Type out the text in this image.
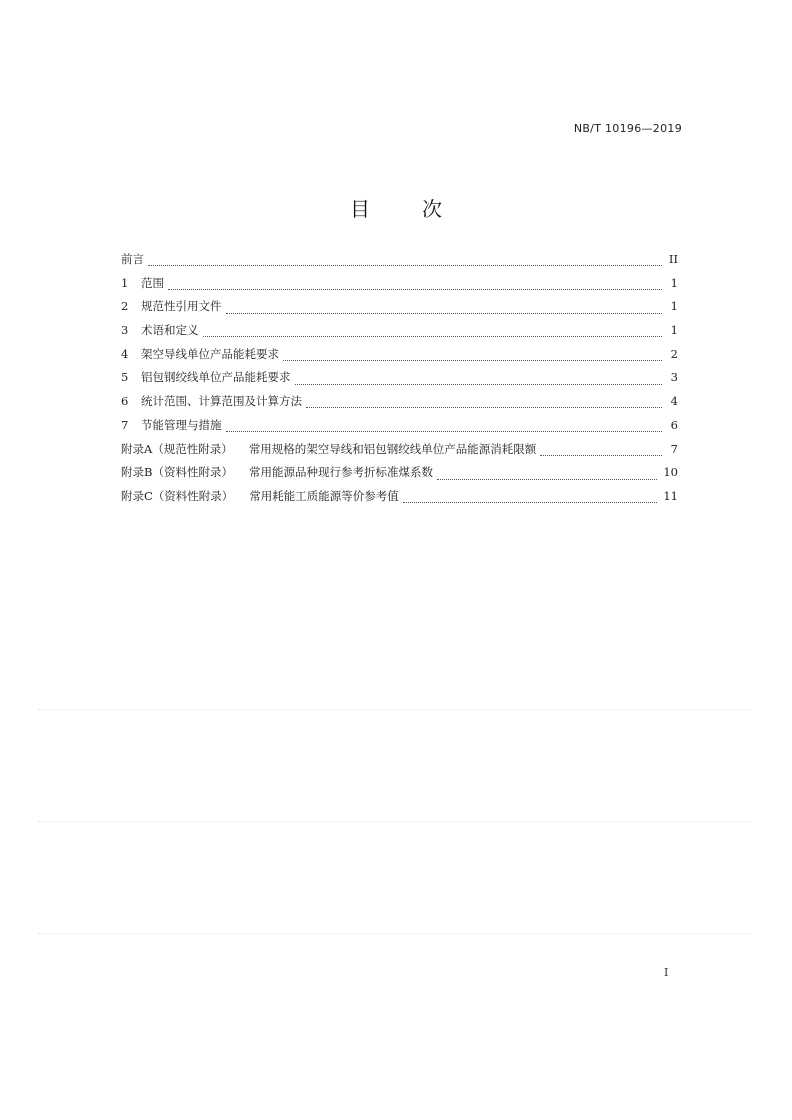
NB/T 10196—2019
目　次
前言	II
1	范围	1
2	规范性引用文件	1
3	术语和定义	1
4	架空导线单位产品能耗要求	2
5	铝包钢绞线单位产品能耗要求	3
6	统计范围、计算范围及计算方法	4
7	节能管理与措施	6
附录A（规范性附录） 常用规格的架空导线和铝包钢绞线单位产品能源消耗限额	7
附录B（资料性附录） 常用能源品种现行参考折标准煤系数	10
附录C（资料性附录） 常用耗能工质能源等价参考值	11
I
